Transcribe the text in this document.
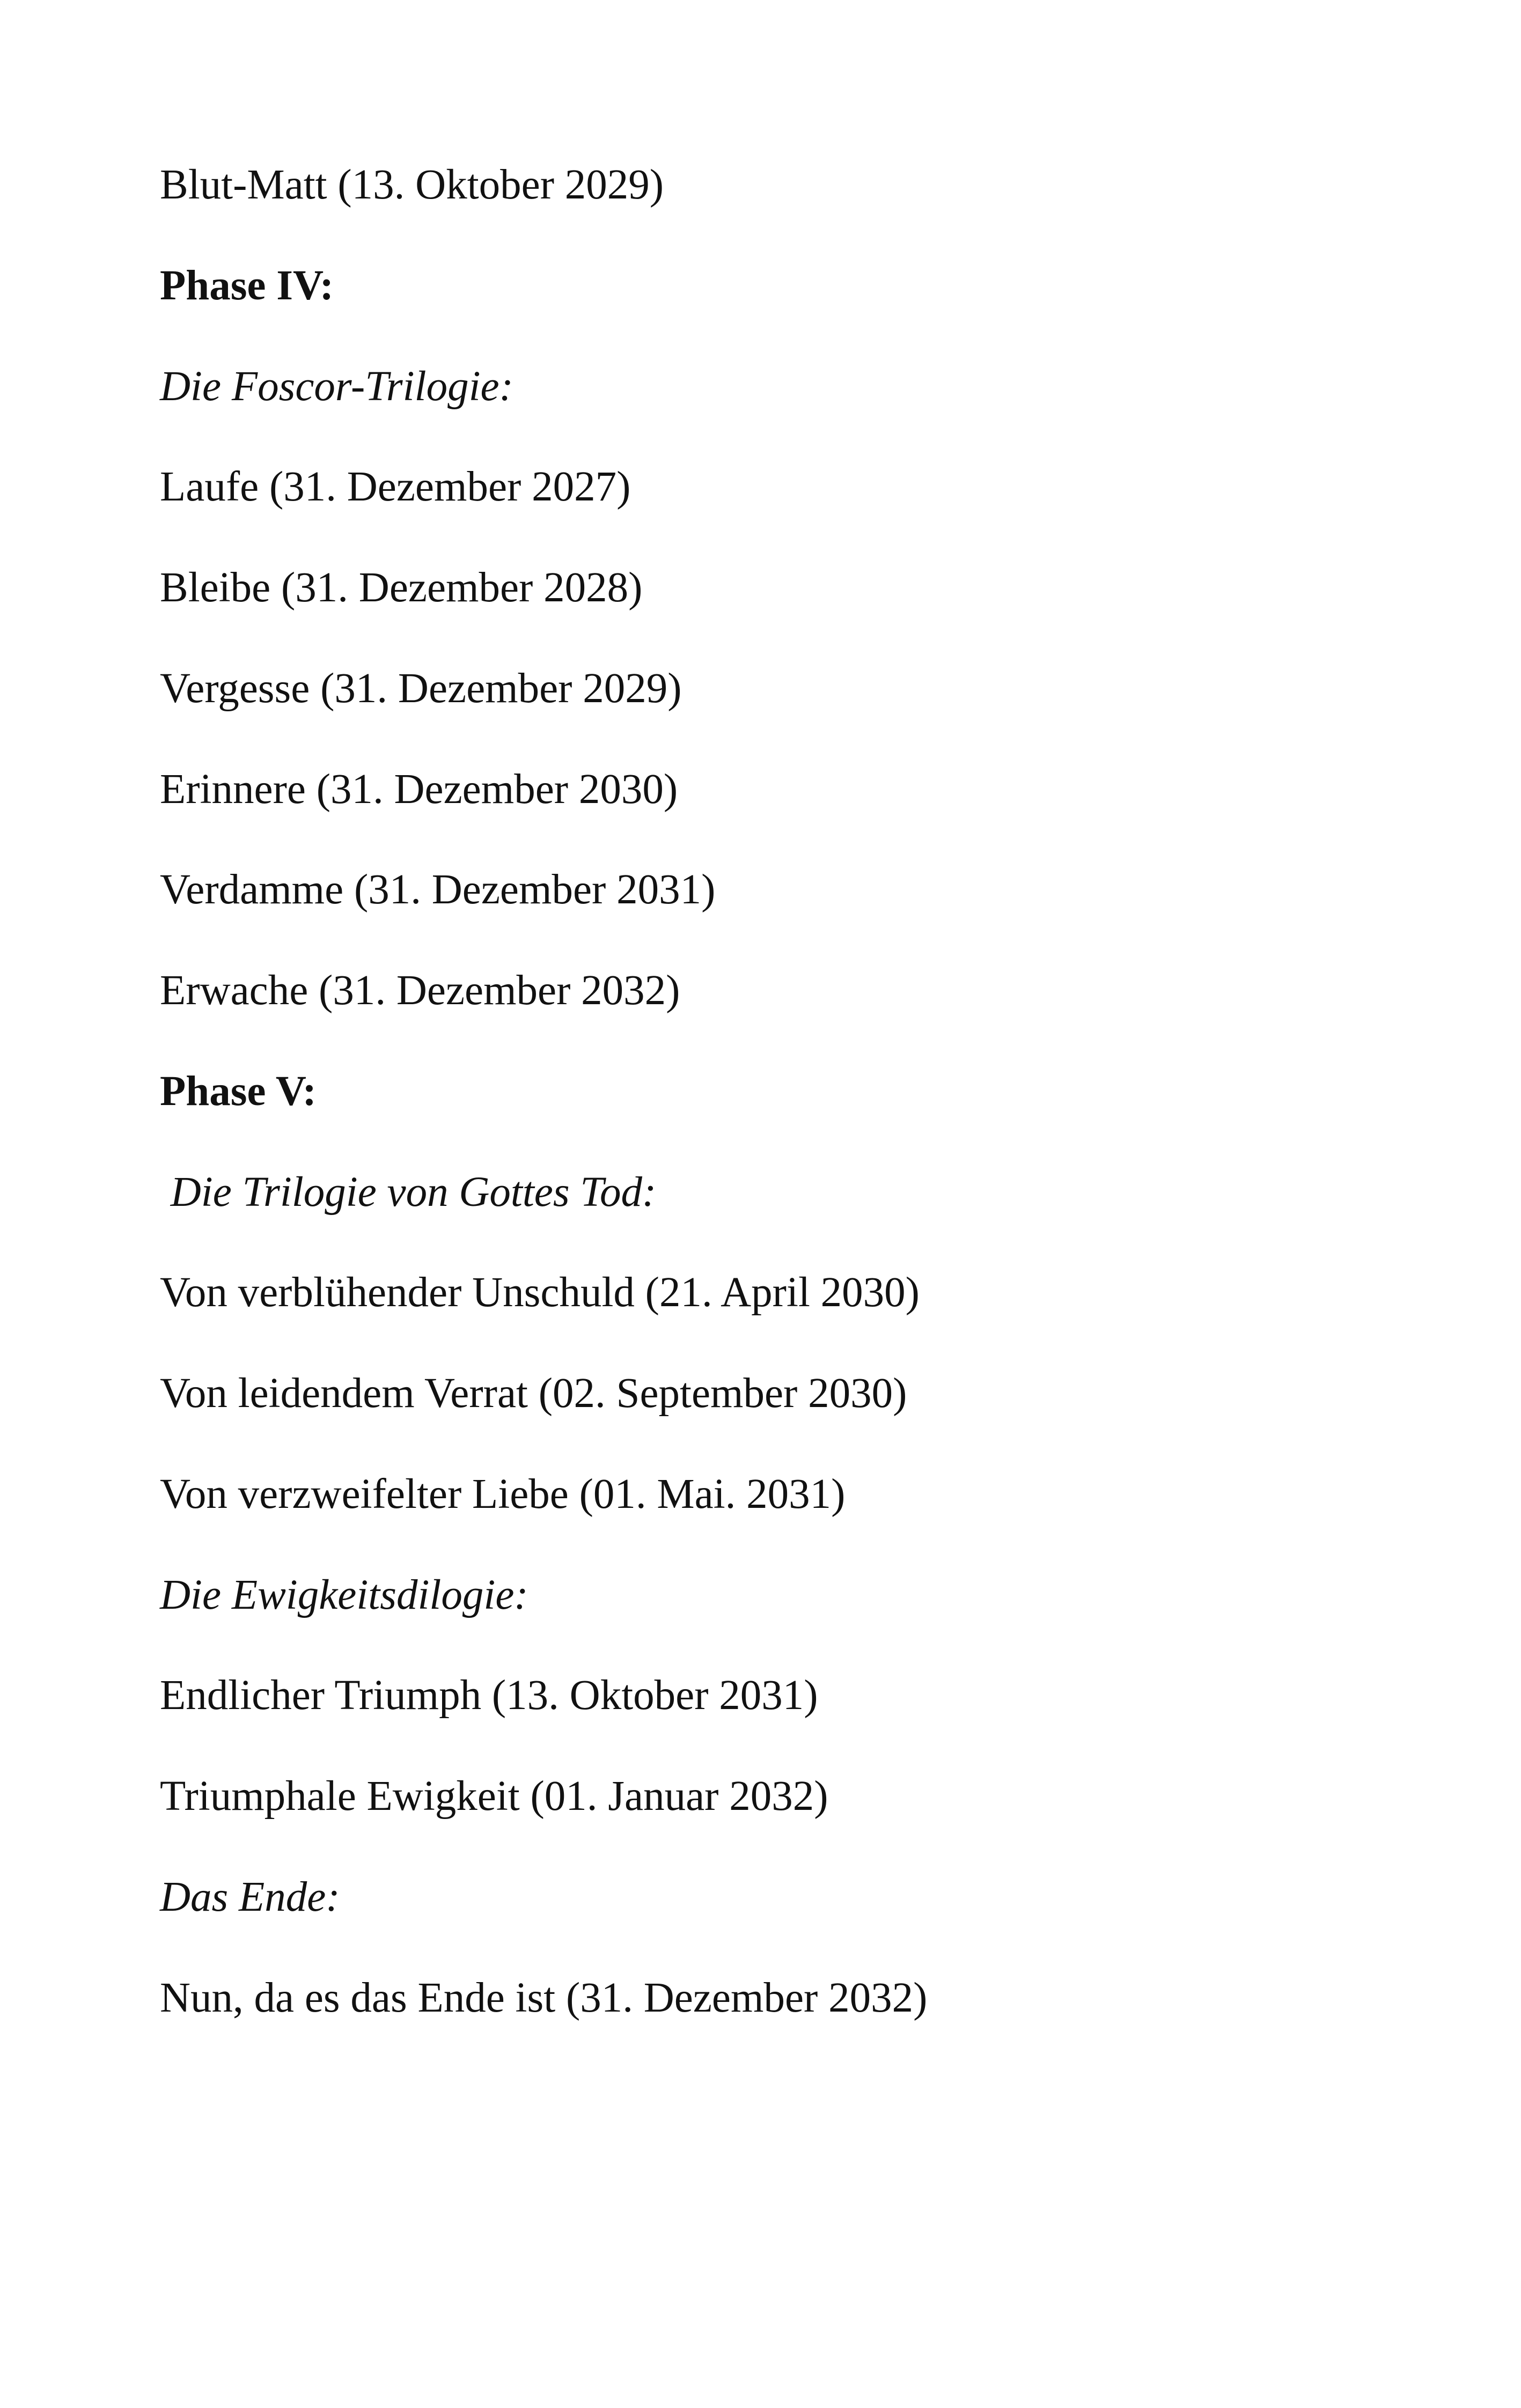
Blut-Matt (13. Oktober 2029)

Phase IV:

Die Foscor-Trilogie:

Laufe (31. Dezember 2027)

Bleibe (31. Dezember 2028)

Vergesse (31. Dezember 2029)

Erinnere (31. Dezember 2030)

Verdamme (31. Dezember 2031)

Erwache (31. Dezember 2032)

Phase V:

Die Trilogie von Gottes Tod:

Von verblühender Unschuld (21. April 2030)

Von leidendem Verrat (02. September 2030)

Von verzweifelter Liebe (01. Mai. 2031)

Die Ewigkeitsdilogie:

Endlicher Triumph (13. Oktober 2031)

Triumphale Ewigkeit (01. Januar 2032)

Das Ende:

Nun, da es das Ende ist (31. Dezember 2032)
